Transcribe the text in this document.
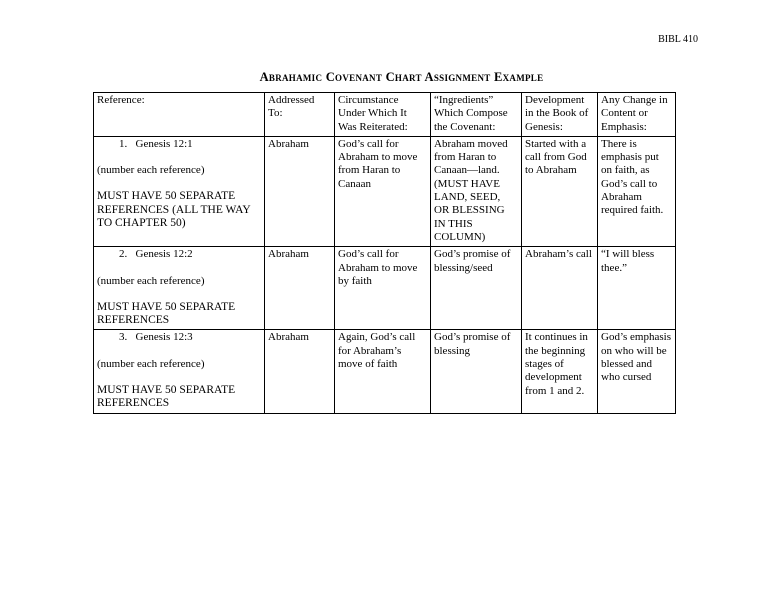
BIBL 410
Abrahamic Covenant Chart Assignment Example
Reference:	Addressed To:	Circumstance Under Which It Was Reiterated:	“Ingredients” Which Compose the Covenant:	Development in the Book of Genesis:	Any Change in Content or Emphasis:

1. Genesis 12:1
(number each reference)
MUST HAVE 50 SEPARATE REFERENCES (ALL THE WAY TO CHAPTER 50)	Abraham	God’s call for Abraham to move from Haran to Canaan	Abraham moved from Haran to Canaan—land. (MUST HAVE LAND, SEED, OR BLESSING IN THIS COLUMN)	Started with a call from God to Abraham	There is emphasis put on faith, as God’s call to Abraham required faith.

2. Genesis 12:2
(number each reference)
MUST HAVE 50 SEPARATE REFERENCES	Abraham	God’s call for Abraham to move by faith	God’s promise of blessing/seed	Abraham’s call	“I will bless thee.”

3. Genesis 12:3
(number each reference)
MUST HAVE 50 SEPARATE REFERENCES	Abraham	Again, God’s call for Abraham’s move of faith	God’s promise of blessing	It continues in the beginning stages of development from 1 and 2.	God’s emphasis on who will be blessed and who cursed
